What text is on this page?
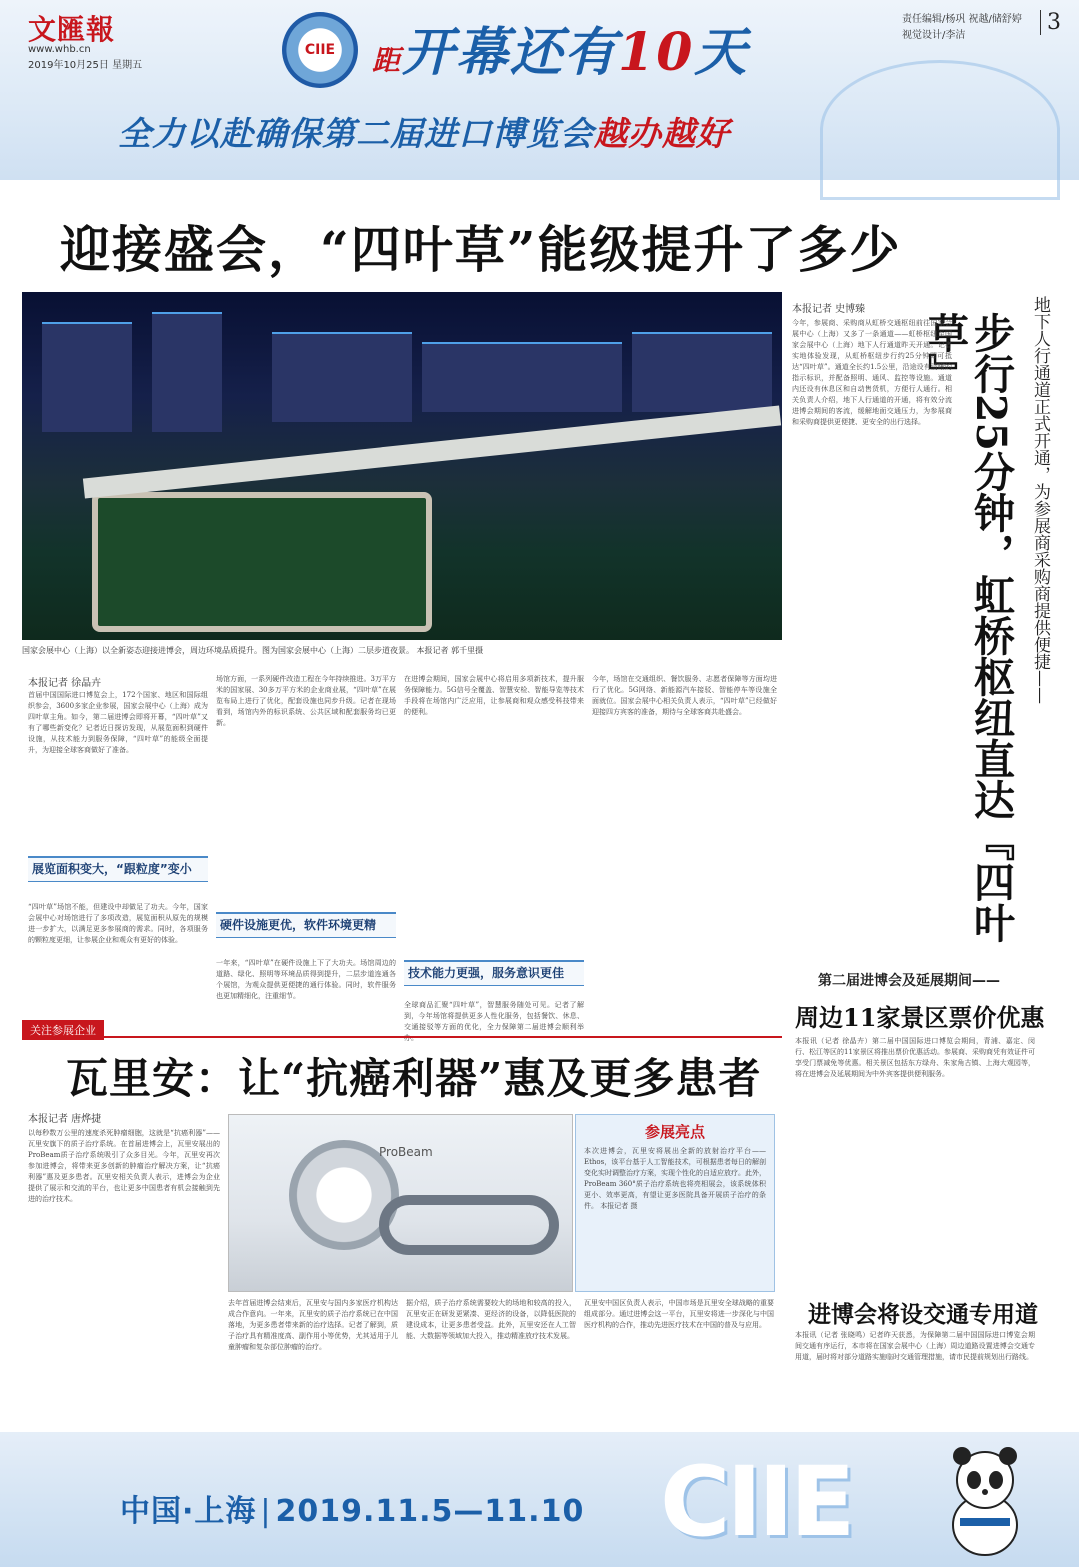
文匯報
www.whb.cn
2019年10月25日 星期五
CIIE	距开幕还有10天
全力以赴确保第二届进口博览会越办越好
责任编辑/杨巩 祝越/储舒婷
视觉设计/李洁
3
迎接盛会，“四叶草”能级提升了多少
国家会展中心（上海）以全新姿态迎接进博会，周边环境品质提升。图为国家会展中心（上海）二层步道夜景。 本报记者 郭千里摄
本报记者 徐晶卉
首届中国国际进口博览会上，172个国家、地区和国际组织参会，3600多家企业参展，国家会展中心（上海）成为四叶草主角。如今，第二届进博会即将开幕，“四叶草”又有了哪些新变化？记者近日探访发现，从展览面积到硬件设施，从技术能力到服务保障，“四叶草”的能级全面提升，为迎接全球客商做好了准备。
展览面积变大，“跟粒度”变小
“四叶草”场馆不能，但建设中却做足了功夫。今年，国家会展中心对场馆进行了多项改造，展览面积从原先的规模进一步扩大，以满足更多参展商的需求。同时，各项服务的颗粒度更细，让参展企业和观众有更好的体验。
场馆方面，一系列硬件改造工程在今年持续推进。3万平方米的国家展、30多万平方米的企业商业展，“四叶草”在展览布局上进行了优化，配套设施也同步升级。记者在现场看到，场馆内外的标识系统、公共区域和配套服务均已更新。
硬件设施更优，软件环境更精
一年来，“四叶草”在硬件设施上下了大功夫。场馆周边的道路、绿化、照明等环境品质得到提升，二层步道连通各个展馆，为观众提供更便捷的通行体验。同时，软件服务也更加精细化，注重细节。
在进博会期间，国家会展中心将启用多项新技术，提升服务保障能力。5G信号全覆盖、智慧安检、智能导览等技术手段将在场馆内广泛应用，让参展商和观众感受科技带来的便利。
技术能力更强，服务意识更佳
全球商品汇聚“四叶草”，智慧服务随处可见。记者了解到，今年场馆将提供更多人性化服务，包括餐饮、休息、交通接驳等方面的优化，全力保障第二届进博会顺利举办。
今年，场馆在交通组织、餐饮服务、志愿者保障等方面均进行了优化。5G网络、新能源汽车接驳、智能停车等设施全面就位。国家会展中心相关负责人表示，“四叶草”已经做好迎接四方宾客的准备，期待与全球客商共赴盛会。
地下人行通道正式开通，为参展商采购商提供便捷——
步行25分钟，虹桥枢纽直达『四叶草』
本报记者 史博臻
今年，参展商、采购商从虹桥交通枢纽前往国家会展中心（上海）又多了一条通道——虹桥枢纽至国家会展中心（上海）地下人行通道昨天开通。记者实地体验发现，从虹桥枢纽步行约25分钟即可抵达“四叶草”。通道全长约1.5公里，沿途设有清晰的指示标识，并配备照明、通风、监控等设施。通道内还设有休息区和自动售货机，方便行人通行。相关负责人介绍，地下人行通道的开通，将有效分流进博会期间的客流，缓解地面交通压力，为参展商和采购商提供更便捷、更安全的出行选择。
第二届进博会及延展期间——
周边11家景区票价优惠
本报讯（记者 徐晶卉）第二届中国国际进口博览会期间，青浦、嘉定、闵行、松江等区的11家景区将推出票价优惠活动。参展商、采购商凭有效证件可享受门票减免等优惠。相关景区包括东方绿舟、朱家角古镇、上海大观园等，将在进博会及延展期间为中外宾客提供便利服务。
进博会将设交通专用道
本报讯（记者 张晓鸣）记者昨天获悉，为保障第二届中国国际进口博览会期间交通有序运行，本市将在国家会展中心（上海）周边道路设置进博会交通专用道，届时将对部分道路实施临时交通管理措施，请市民提前规划出行路线。
关注参展企业
瓦里安：让“抗癌利器”惠及更多患者
本报记者 唐烨捷
以每秒数万公里的速度杀死肿瘤细胞，这就是“抗癌利器”——瓦里安旗下的质子治疗系统。在首届进博会上，瓦里安展出的ProBeam质子治疗系统吸引了众多目光。今年，瓦里安再次参加进博会，将带来更多创新的肿瘤治疗解决方案，让“抗癌利器”惠及更多患者。瓦里安相关负责人表示，进博会为企业提供了展示和交流的平台，也让更多中国患者有机会接触到先进的治疗技术。
ProBeam
参展亮点
本次进博会，瓦里安将展出全新的放射治疗平台——Ethos，该平台基于人工智能技术，可根据患者每日的解剖变化实时调整治疗方案，实现个性化的自适应放疗。此外，ProBeam 360°质子治疗系统也将亮相展会，该系统体积更小、效率更高，有望让更多医院具备开展质子治疗的条件。 本报记者 摄
去年首届进博会结束后，瓦里安与国内多家医疗机构达成合作意向。一年来，瓦里安的质子治疗系统已在中国落地，为更多患者带来新的治疗选择。记者了解到，质子治疗具有精准度高、副作用小等优势，尤其适用于儿童肿瘤和复杂部位肿瘤的治疗。
据介绍，质子治疗系统需要较大的场地和较高的投入，瓦里安正在研发更紧凑、更经济的设备，以降低医院的建设成本，让更多患者受益。此外，瓦里安还在人工智能、大数据等领域加大投入，推动精准放疗技术发展。
瓦里安中国区负责人表示，中国市场是瓦里安全球战略的重要组成部分。通过进博会这一平台，瓦里安将进一步深化与中国医疗机构的合作，推动先进医疗技术在中国的普及与应用。
中国·上海 | 2019.11.5—11.10 CIIE
